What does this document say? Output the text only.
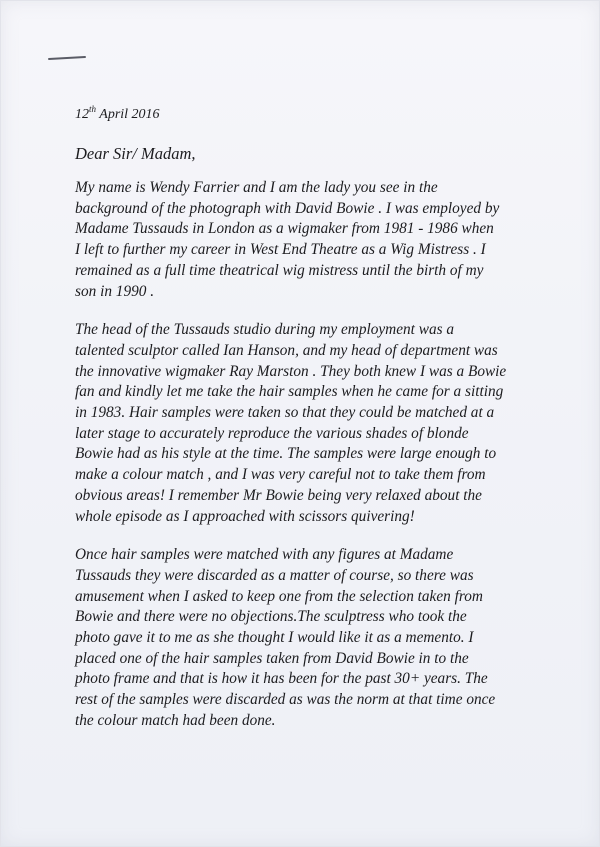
12th April 2016
Dear Sir/ Madam,

My name is Wendy Farrier and I am the lady you see in the
background of the photograph with David Bowie . I was employed by
Madame Tussauds in London as a wigmaker from 1981 - 1986 when
I left to further my career in West End Theatre as a Wig Mistress . I
remained as a full time theatrical wig mistress until the birth of my
son in 1990 .

The head of the Tussauds studio during my employment was a
talented sculptor called Ian Hanson, and my head of department was
the innovative wigmaker Ray Marston . They both knew I was a Bowie
fan and kindly let me take the hair samples when he came for a sitting
in 1983. Hair samples were taken so that they could be matched at a
later stage to accurately reproduce the various shades of blonde
Bowie had as his style at the time. The samples were large enough to
make a colour match , and I was very careful not to take them from
obvious areas! I remember Mr Bowie being very relaxed about the
whole episode as I approached with scissors quivering!

Once hair samples were matched with any figures at Madame
Tussauds they were discarded as a matter of course, so there was
amusement when I asked to keep one from the selection taken from
Bowie and there were no objections.The sculptress who took the
photo gave it to me as she thought I would like it as a memento. I
placed one of the hair samples taken from David Bowie in to the
photo frame and that is how it has been for the past 30+ years. The
rest of the samples were discarded as was the norm at that time once
the colour match had been done.
